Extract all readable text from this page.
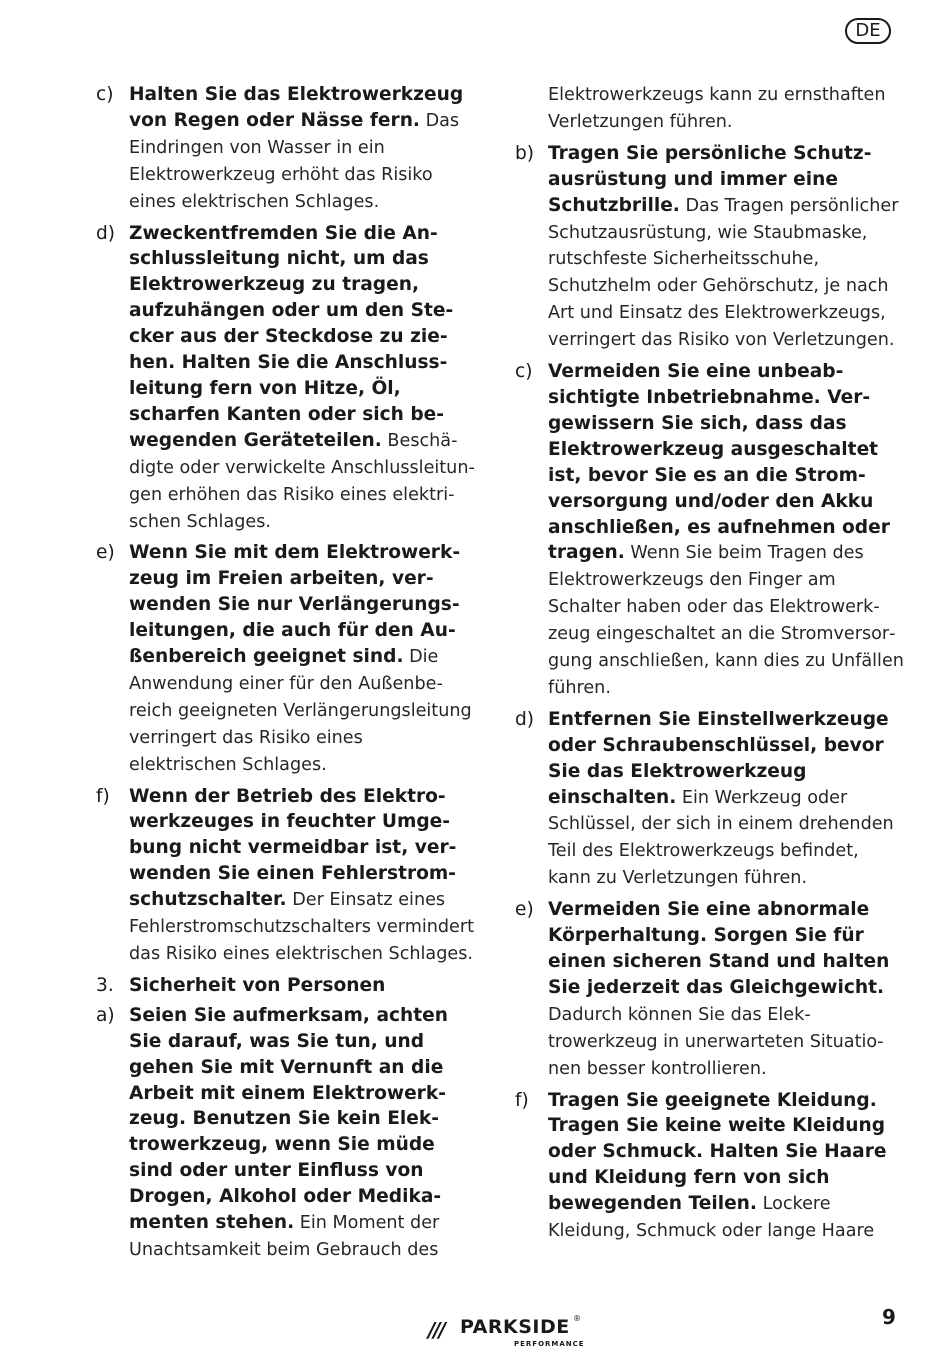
DE
c) Halten Sie das Elektrowerkzeug von Regen oder Nässe fern. Das Eindringen von Wasser in ein Elektrowerkzeug erhöht das Risiko eines elektrischen Schlages.
d) Zweckentfremden Sie die Anschlussleitung nicht, um das Elektrowerkzeug zu tragen, aufzuhängen oder um den Stecker aus der Steckdose zu ziehen. Halten Sie die Anschlussleitung fern von Hitze, Öl, scharfen Kanten oder sich bewegenden Geräteteilen. Beschädigte oder verwickelte Anschlussleitungen erhöhen das Risiko eines elektrischen Schlages.
e) Wenn Sie mit dem Elektrowerkzeug im Freien arbeiten, verwenden Sie nur Verlängerungsleitungen, die auch für den Außenbereich geeignet sind. Die Anwendung einer für den Außenbereich geeigneten Verlängerungsleitung verringert das Risiko eines elektrischen Schlages.
f) Wenn der Betrieb des Elektrowerkzeuges in feuchter Umgebung nicht vermeidbar ist, verwenden Sie einen Fehlerstromschutzschalter. Der Einsatz eines Fehlerstromschutzschalters vermindert das Risiko eines elektrischen Schlages.
3. Sicherheit von Personen
a) Seien Sie aufmerksam, achten Sie darauf, was Sie tun, und gehen Sie mit Vernunft an die Arbeit mit einem Elektrowerkzeug. Benutzen Sie kein Elektrowerkzeug, wenn Sie müde sind oder unter Einfluss von Drogen, Alkohol oder Medikamenten stehen. Ein Moment der Unachtsamkeit beim Gebrauch des
Elektrowerkzeugs kann zu ernsthaften Verletzungen führen.
b) Tragen Sie persönliche Schutzausrüstung und immer eine Schutzbrille. Das Tragen persönlicher Schutzausrüstung, wie Staubmaske, rutschfeste Sicherheitsschuhe, Schutzhelm oder Gehörschutz, je nach Art und Einsatz des Elektrowerkzeugs, verringert das Risiko von Verletzungen.
c) Vermeiden Sie eine unbeabsichtigte Inbetriebnahme. Vergewissern Sie sich, dass das Elektrowerkzeug ausgeschaltet ist, bevor Sie es an die Stromversorgung und/oder den Akku anschließen, es aufnehmen oder tragen. Wenn Sie beim Tragen des Elektrowerkzeugs den Finger am Schalter haben oder das Elektrowerkzeug eingeschaltet an die Stromversorgung anschließen, kann dies zu Unfällen führen.
d) Entfernen Sie Einstellwerkzeuge oder Schraubenschlüssel, bevor Sie das Elektrowerkzeug einschalten. Ein Werkzeug oder Schlüssel, der sich in einem drehenden Teil des Elektrowerkzeugs befindet, kann zu Verletzungen führen.
e) Vermeiden Sie eine abnormale Körperhaltung. Sorgen Sie für einen sicheren Stand und halten Sie jederzeit das Gleichgewicht. Dadurch können Sie das Elektrowerkzeug in unerwarteten Situationen besser kontrollieren.
f) Tragen Sie geeignete Kleidung. Tragen Sie keine weite Kleidung oder Schmuck. Halten Sie Haare und Kleidung fern von sich bewegenden Teilen. Lockere Kleidung, Schmuck oder lange Haare
/// PARKSIDE ®
PERFORMANCE
9
